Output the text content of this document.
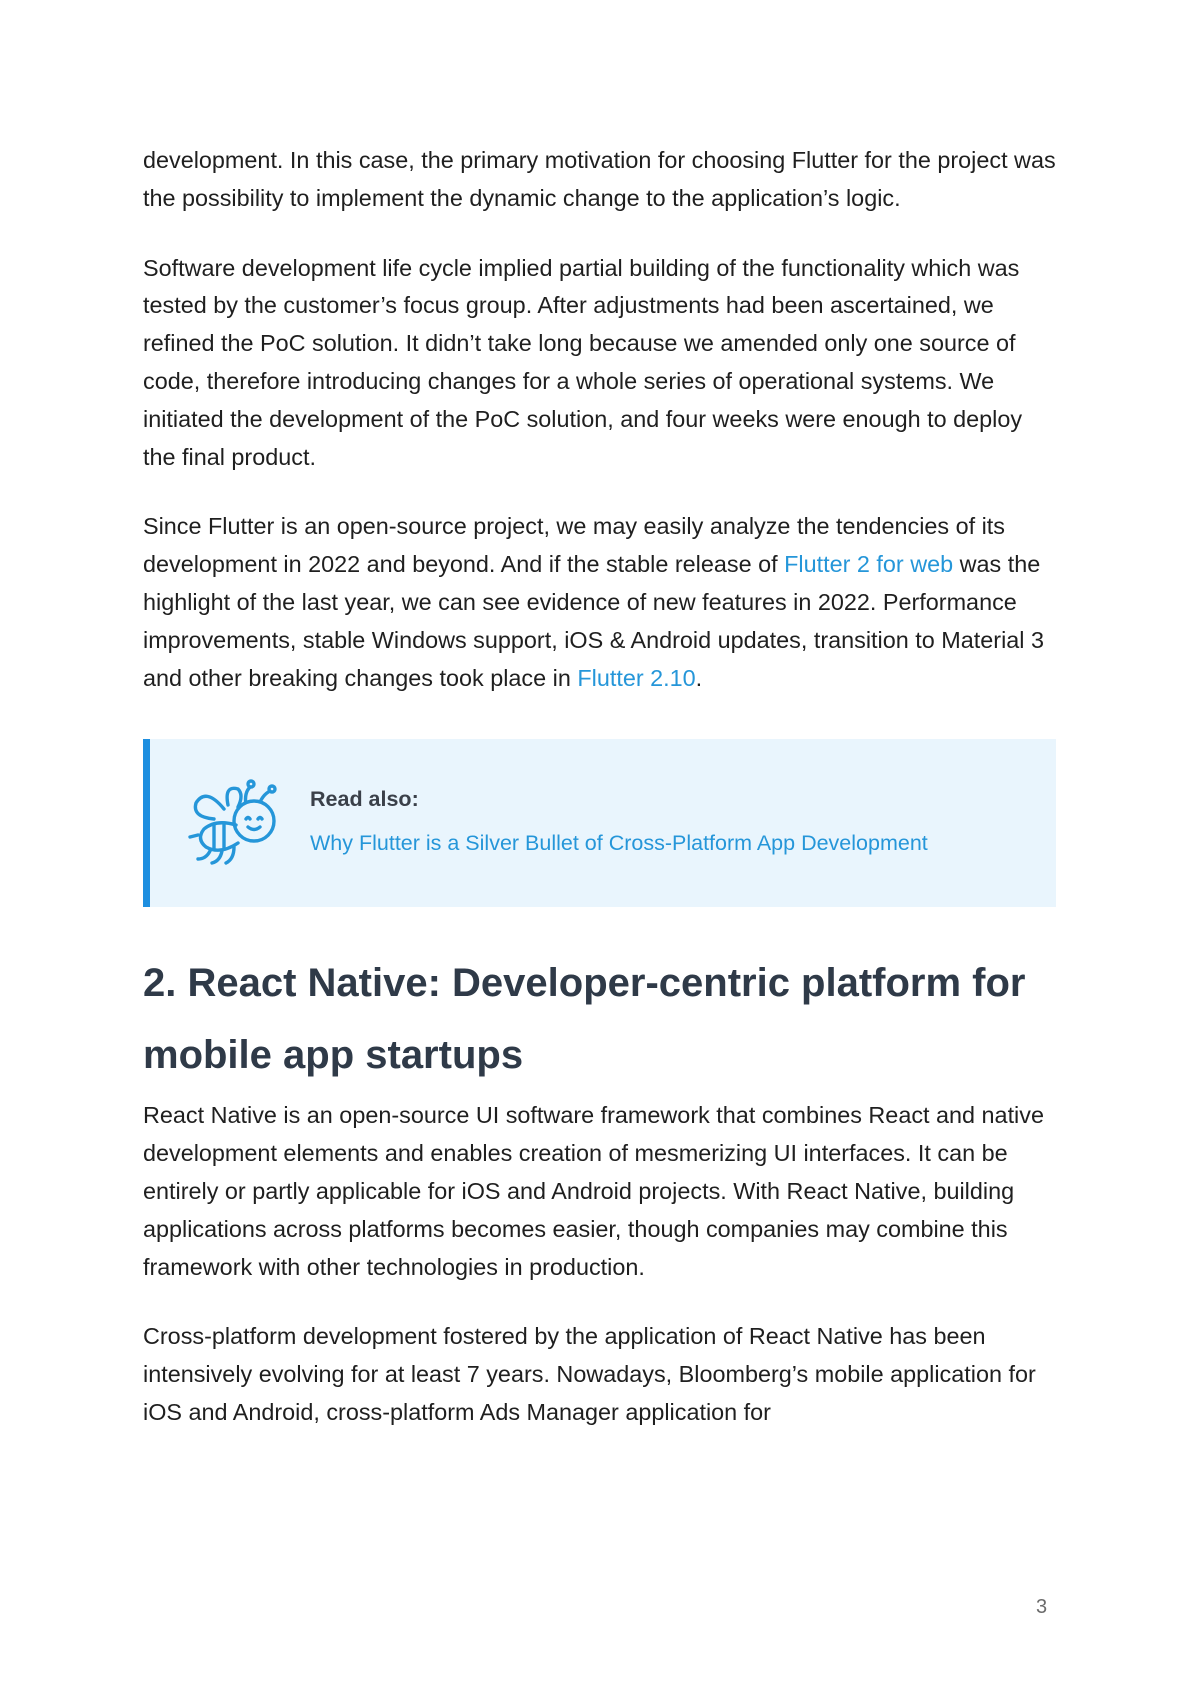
development. In this case, the primary motivation for choosing Flutter for the project was the possibility to implement the dynamic change to the application’s logic.

Software development life cycle implied partial building of the functionality which was tested by the customer’s focus group. After adjustments had been ascertained, we refined the PoC solution. It didn’t take long because we amended only one source of code, therefore introducing changes for a whole series of operational systems. We initiated the development of the PoC solution, and four weeks were enough to deploy the final product.

Since Flutter is an open-source project, we may easily analyze the tendencies of its development in 2022 and beyond. And if the stable release of Flutter 2 for web was the highlight of the last year, we can see evidence of new features in 2022. Performance improvements, stable Windows support, iOS & Android updates, transition to Material 3 and other breaking changes took place in Flutter 2.10.

Read also:
Why Flutter is a Silver Bullet of Cross-Platform App Development
2. React Native: Developer-centric platform for mobile app startups

React Native is an open-source UI software framework that combines React and native development elements and enables creation of mesmerizing UI interfaces. It can be entirely or partly applicable for iOS and Android projects. With React Native, building applications across platforms becomes easier, though companies may combine this framework with other technologies in production.

Cross-platform development fostered by the application of React Native has been intensively evolving for at least 7 years. Nowadays, Bloomberg’s mobile application for iOS and Android, cross-platform Ads Manager application for

3
